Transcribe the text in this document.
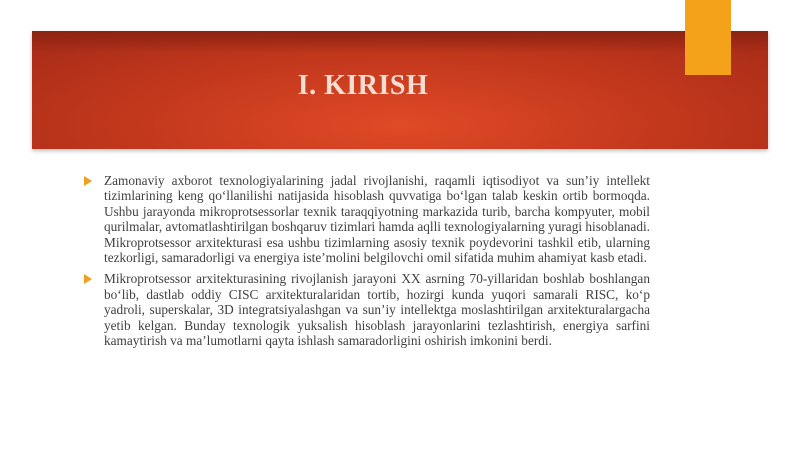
I. KIRISH
Zamonaviy axborot texnologiyalarining jadal rivojlanishi, raqamli iqtisodiyot va sun’iy intellekt tizimlarining keng qo‘llanilishi natijasida hisoblash quvvatiga bo‘lgan talab keskin ortib bormoqda. Ushbu jarayonda mikroprotsessorlar texnik taraqqiyotning markazida turib, barcha kompyuter, mobil qurilmalar, avtomatlashtirilgan boshqaruv tizimlari hamda aqlli texnologiyalarning yuragi hisoblanadi. Mikroprotsessor arxitekturasi esa ushbu tizimlarning asosiy texnik poydevorini tashkil etib, ularning tezkorligi, samaradorligi va energiya iste’molini belgilovchi omil sifatida muhim ahamiyat kasb etadi.
Mikroprotsessor arxitekturasining rivojlanish jarayoni XX asrning 70-yillaridan boshlab boshlangan bo‘lib, dastlab oddiy CISC arxitekturalaridan tortib, hozirgi kunda yuqori samarali RISC, ko‘p yadroli, superskalar, 3D integratsiyalashgan va sun’iy intellektga moslashtirilgan arxitekturalargacha yetib kelgan. Bunday texnologik yuksalish hisoblash jarayonlarini tezlashtirish, energiya sarfini kamaytirish va ma’lumotlarni qayta ishlash samaradorligini oshirish imkonini berdi.
